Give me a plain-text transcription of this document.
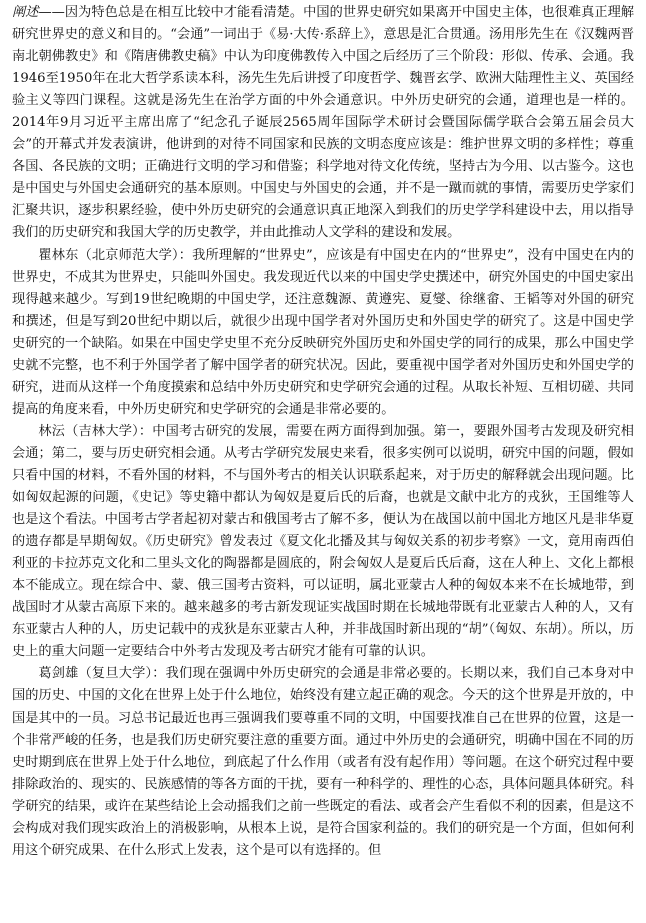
阐述——因为特色总是在相互比较中才能看清楚。中国的世界史研究如果离开中国史主体，也很难真正理解研究世界史的意义和目的。“会通”一词出于《易·大传·系辞上》，意思是汇合贯通。汤用彤先生在《汉魏两晋南北朝佛教史》和《隋唐佛教史稿》中认为印度佛教传入中国之后经历了三个阶段：形似、传承、会通。我1946至1950年在北大哲学系读本科，汤先生先后讲授了印度哲学、魏晋玄学、欧洲大陆理性主义、英国经验主义等四门课程。这就是汤先生在治学方面的中外会通意识。中外历史研究的会通，道理也是一样的。2014年9月习近平主席出席了“纪念孔子诞辰2565周年国际学术研讨会暨国际儒学联合会第五届会员大会”的开幕式并发表演讲，他讲到的对待不同国家和民族的文明态度应该是：维护世界文明的多样性；尊重各国、各民族的文明；正确进行文明的学习和借鉴；科学地对待文化传统，坚持古为今用、以古鉴今。这也是中国史与外国史会通研究的基本原则。中国史与外国史的会通，并不是一蹴而就的事情，需要历史学家们汇聚共识，逐步积累经验，使中外历史研究的会通意识真正地深入到我们的历史学学科建设中去，用以指导我们的历史研究和我国大学的历史教学，并由此推动人文学科的建设和发展。

瞿林东（北京师范大学）：我所理解的“世界史”，应该是有中国史在内的“世界史”，没有中国史在内的世界史，不成其为世界史，只能叫外国史。我发现近代以来的中国史学史撰述中，研究外国史的中国史家出现得越来越少。写到19世纪晚期的中国史学，还注意魏源、黄遵宪、夏燮、徐继畲、王韬等对外国的研究和撰述，但是写到20世纪中期以后，就很少出现中国学者对外国历史和外国史学的研究了。这是中国史学史研究的一个缺陷。如果在中国史学史里不充分反映研究外国历史和外国史学的同行的成果，那么中国史学史就不完整，也不利于外国学者了解中国学者的研究状况。因此，要重视中国学者对外国历史和外国史学的研究，进而从这样一个角度摸索和总结中外历史研究和史学研究会通的过程。从取长补短、互相切磋、共同提高的角度来看，中外历史研究和史学研究的会通是非常必要的。

林沄（吉林大学）：中国考古研究的发展，需要在两方面得到加强。第一，要跟外国考古发现及研究相会通；第二，要与历史研究相会通。从考古学研究发展史来看，很多实例可以说明，研究中国的问题，假如只看中国的材料，不看外国的材料，不与国外考古的相关认识联系起来，对于历史的解释就会出现问题。比如匈奴起源的问题，《史记》等史籍中都认为匈奴是夏后氏的后裔，也就是文献中北方的戎狄，王国维等人也是这个看法。中国考古学者起初对蒙古和俄国考古了解不多，便认为在战国以前中国北方地区凡是非华夏的遗存都是早期匈奴。《历史研究》曾发表过《夏文化北播及其与匈奴关系的初步考察》一文，竟用南西伯利亚的卡拉苏克文化和二里头文化的陶器都是圆底的，附会匈奴人是夏后氏后裔，这在人种上、文化上都根本不能成立。现在综合中、蒙、俄三国考古资料，可以证明，属北亚蒙古人种的匈奴本来不在长城地带，到战国时才从蒙古高原下来的。越来越多的考古新发现证实战国时期在长城地带既有北亚蒙古人种的人，又有东亚蒙古人种的人，历史记载中的戎狄是东亚蒙古人种，并非战国时新出现的“胡”（匈奴、东胡）。所以，历史上的重大问题一定要结合中外考古发现及考古研究才能有可靠的认识。

葛剑雄（复旦大学）：我们现在强调中外历史研究的会通是非常必要的。长期以来，我们自己本身对中国的历史、中国的文化在世界上处于什么地位，始终没有建立起正确的观念。今天的这个世界是开放的，中国是其中的一员。习总书记最近也再三强调我们要尊重不同的文明，中国要找准自己在世界的位置，这是一个非常严峻的任务，也是我们历史研究要注意的重要方面。通过中外历史的会通研究，明确中国在不同的历史时期到底在世界上处于什么地位，到底起了什么作用（或者有没有起作用）等问题。在这个研究过程中要排除政治的、现实的、民族感情的等各方面的干扰，要有一种科学的、理性的心态，具体问题具体研究。科学研究的结果，或许在某些结论上会动摇我们之前一些既定的看法、或者会产生看似不利的因素，但是这不会构成对我们现实政治上的消极影响，从根本上说，是符合国家利益的。我们的研究是一个方面，但如何利用这个研究成果、在什么形式上发表，这个是可以有选择的。但
